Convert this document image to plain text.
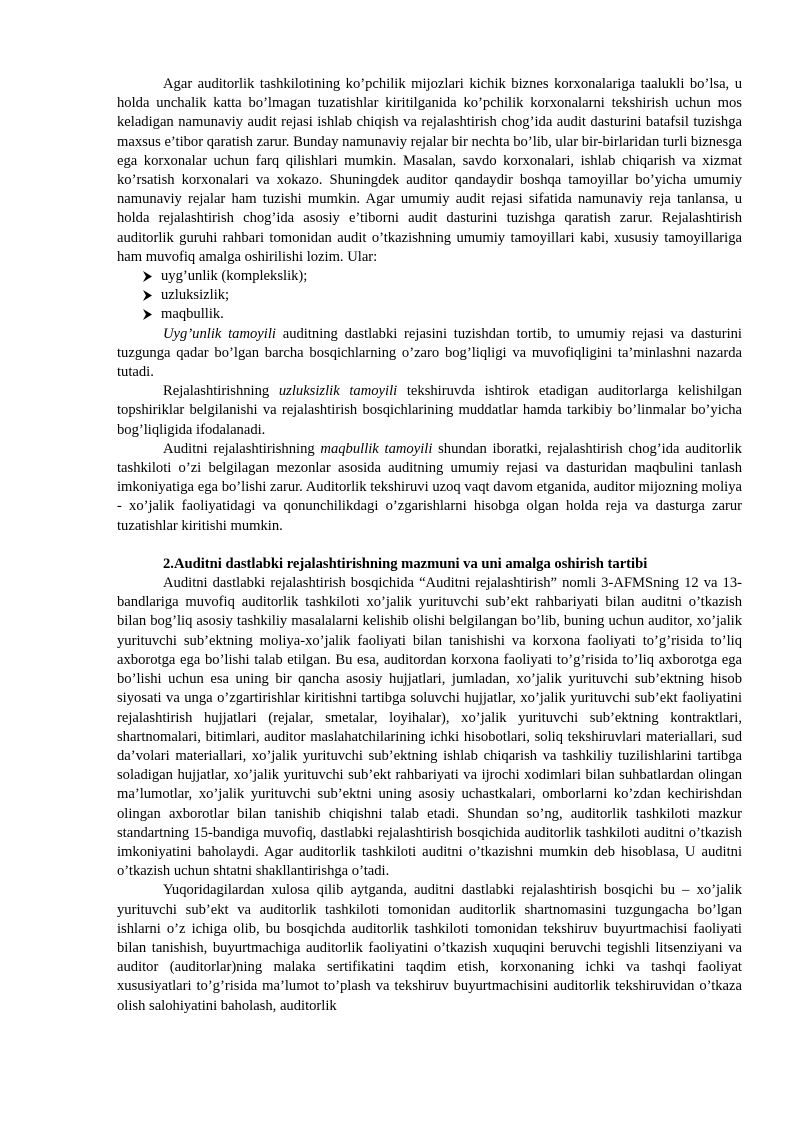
Agar auditorlik tashkilotining ko’pchilik mijozlari kichik biznes korxonalariga taalukli bo’lsa, u holda unchalik katta bo’lmagan tuzatishlar kiritilganida ko’pchilik korxonalarni tekshirish uchun mos keladigan namunaviy audit rejasi ishlab chiqish va rejalashtirish chog’ida audit dasturini batafsil tuzishga maxsus e’tibor qaratish zarur. Bunday namunaviy rejalar bir nechta bo’lib, ular bir-birlaridan turli biznesga ega korxonalar uchun farq qilishlari mumkin. Masalan, savdo korxonalari, ishlab chiqarish va xizmat ko’rsatish korxonalari va xokazo. Shuningdek auditor qandaydir boshqa tamoyillar bo’yicha umumiy namunaviy rejalar ham tuzishi mumkin. Agar umumiy audit rejasi sifatida namunaviy reja tanlansa, u holda rejalashtirish chog’ida asosiy e’tiborni audit dasturini tuzishga qaratish zarur. Rejalashtirish auditorlik guruhi rahbari tomonidan audit o’tkazishning umumiy tamoyillari kabi, xususiy tamoyillariga ham muvofiq amalga oshirilishi lozim. Ular:

uyg’unlik (komplekslik);
uzluksizlik;
maqbullik.

Uyg’unlik tamoyili auditning dastlabki rejasini tuzishdan tortib, to umumiy rejasi va dasturini tuzgunga qadar bo’lgan barcha bosqichlarning o’zaro bog’liqligi va muvofiqligini ta’minlashni nazarda tutadi.

Rejalashtirishning uzluksizlik tamoyili tekshiruvda ishtirok etadigan auditorlarga kelishilgan topshiriklar belgilanishi va rejalashtirish bosqichlarining muddatlar hamda tarkibiy bo’linmalar bo’yicha bog’liqligida ifodalanadi.

Auditni rejalashtirishning maqbullik tamoyili shundan iboratki, rejalashtirish chog’ida auditorlik tashkiloti o’zi belgilagan mezonlar asosida auditning umumiy rejasi va dasturidan maqbulini tanlash imkoniyatiga ega bo’lishi zarur. Auditorlik tekshiruvi uzoq vaqt davom etganida, auditor mijozning moliya - xo’jalik faoliyatidagi va qonunchilikdagi o’zgarishlarni hisobga olgan holda reja va dasturga zarur tuzatishlar kiritishi mumkin.

2.Auditni dastlabki rejalashtirishning mazmuni va uni amalga oshirish tartibi

Auditni dastlabki rejalashtirish bosqichida “Auditni rejalashtirish” nomli 3-AFMSning 12 va 13-bandlariga muvofiq auditorlik tashkiloti xo’jalik yurituvchi sub’ekt rahbariyati bilan auditni o’tkazish bilan bog’liq asosiy tashkiliy masalalarni kelishib olishi belgilangan bo’lib, buning uchun auditor, xo’jalik yurituvchi sub’ektning moliya-xo’jalik faoliyati bilan tanishishi va korxona faoliyati to’g’risida to’liq axborotga ega bo’lishi talab etilgan. Bu esa, auditordan korxona faoliyati to’g’risida to’liq axborotga ega bo’lishi uchun esa uning bir qancha asosiy hujjatlari, jumladan, xo’jalik yurituvchi sub’ektning hisob siyosati va unga o’zgartirishlar kiritishni tartibga soluvchi hujjatlar, xo’jalik yurituvchi sub’ekt faoliyatini rejalashtirish hujjatlari (rejalar, smetalar, loyihalar), xo’jalik yurituvchi sub’ektning kontraktlari, shartnomalari, bitimlari, auditor maslahatchilarining ichki hisobotlari, soliq tekshiruvlari materiallari, sud da’volari materiallari, xo’jalik yurituvchi sub’ektning ishlab chiqarish va tashkiliy tuzilishlarini tartibga soladigan hujjatlar, xo’jalik yurituvchi sub’ekt rahbariyati va ijrochi xodimlari bilan suhbatlardan olingan ma’lumotlar, xo’jalik yurituvchi sub’ektni uning asosiy uchastkalari, omborlarni ko’zdan kechirishdan olingan axborotlar bilan tanishib chiqishni talab etadi. Shundan so’ng, auditorlik tashkiloti mazkur standartning 15-bandiga muvofiq, dastlabki rejalashtirish bosqichida auditorlik tashkiloti auditni o’tkazish imkoniyatini baholaydi. Agar auditorlik tashkiloti auditni o’tkazishni mumkin deb hisoblasa, U auditni o’tkazish uchun shtatni shakllantirishga o’tadi.

Yuqoridagilardan xulosa qilib aytganda, auditni dastlabki rejalashtirish bosqichi bu – xo’jalik yurituvchi sub’ekt va auditorlik tashkiloti tomonidan auditorlik shartnomasini tuzgungacha bo’lgan ishlarni o’z ichiga olib, bu bosqichda auditorlik tashkiloti tomonidan tekshiruv buyurtmachisi faoliyati bilan tanishish, buyurtmachiga auditorlik faoliyatini o’tkazish xuquqini beruvchi tegishli litsenziyani va auditor (auditorlar)ning malaka sertifikatini taqdim etish, korxonaning ichki va tashqi faoliyat xususiyatlari to’g’risida ma’lumot to’plash va tekshiruv buyurtmachisini auditorlik tekshiruvidan o’tkaza olish salohiyatini baholash, auditorlik
